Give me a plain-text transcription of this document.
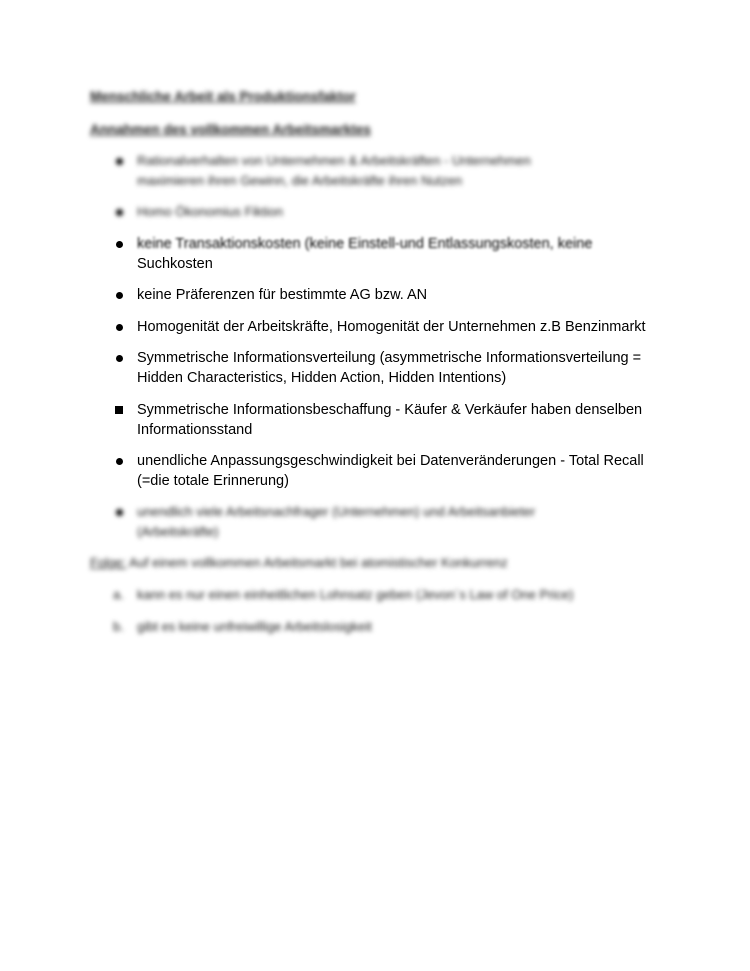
Menschliche Arbeit als Produktionsfaktor
Annahmen des vollkommen Arbeitsmarktes
Rationalverhalten von Unternehmen & Arbeitskräften - Unternehmen
maximieren ihren Gewinn, die Arbeitskräfte ihren Nutzen
Homo Ökonomius Fiktion
keine Transaktionskosten (keine Einstell-und Entlassungskosten, keine
Suchkosten
keine Präferenzen für bestimmte AG bzw. AN
Homogenität der Arbeitskräfte, Homogenität der Unternehmen z.B Benzinmarkt
Symmetrische Informationsverteilung (asymmetrische Informationsverteilung =
Hidden Characteristics, Hidden Action, Hidden Intentions)
Symmetrische Informationsbeschaffung - Käufer & Verkäufer haben denselben
Informationsstand
unendliche Anpassungsgeschwindigkeit bei Datenveränderungen - Total Recall
(=die totale Erinnerung)
unendlich viele Arbeitsnachfrager (Unternehmen) und Arbeitsanbieter
(Arbeitskräfte)
Folge: Auf einem vollkommen Arbeitsmarkt bei atomistischer Konkurrenz
a. kann es nur einen einheitlichen Lohnsatz geben (Jevon´s Law of One Price)
b. gibt es keine unfreiwillige Arbeitslosigkeit
